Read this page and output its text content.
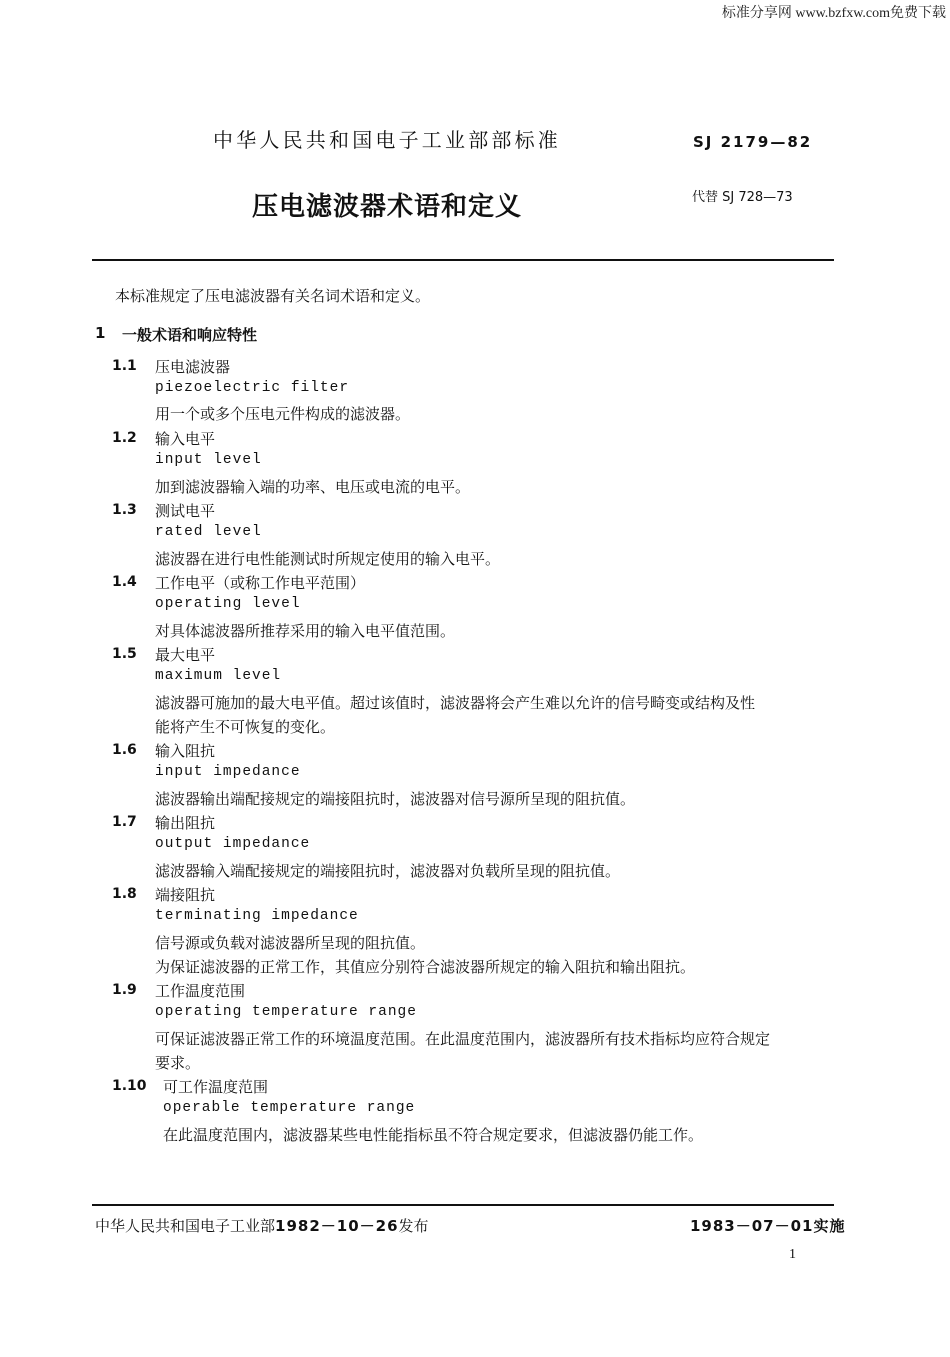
标准分享网 www.bzfxw.com免费下载
中华人民共和国电子工业部部标准	SJ 2179—82
压电滤波器术语和定义	代替 SJ 728—73
本标准规定了压电滤波器有关名词术语和定义。
1 一般术语和响应特性
1.1 压电滤波器
piezoelectric filter
用一个或多个压电元件构成的滤波器。
1.2 输入电平
input level
加到滤波器输入端的功率、电压或电流的电平。
1.3 测试电平
rated level
滤波器在进行电性能测试时所规定使用的输入电平。
1.4 工作电平（或称工作电平范围）
operating level
对具体滤波器所推荐采用的输入电平值范围。
1.5 最大电平
maximum level
滤波器可施加的最大电平值。超过该值时，滤波器将会产生难以允许的信号畸变或结构及性
能将产生不可恢复的变化。
1.6 输入阻抗
input impedance
滤波器输出端配接规定的端接阻抗时，滤波器对信号源所呈现的阻抗值。
1.7 输出阻抗
output impedance
滤波器输入端配接规定的端接阻抗时，滤波器对负载所呈现的阻抗值。
1.8 端接阻抗
terminating impedance
信号源或负载对滤波器所呈现的阻抗值。
为保证滤波器的正常工作，其值应分别符合滤波器所规定的输入阻抗和输出阻抗。
1.9 工作温度范围
operating temperature range
可保证滤波器正常工作的环境温度范围。在此温度范围内，滤波器所有技术指标均应符合规定
要求。
1.10 可工作温度范围
operable temperature range
在此温度范围内，滤波器某些电性能指标虽不符合规定要求，但滤波器仍能工作。
中华人民共和国电子工业部1982－10－26发布	1983－07－01实施
1
